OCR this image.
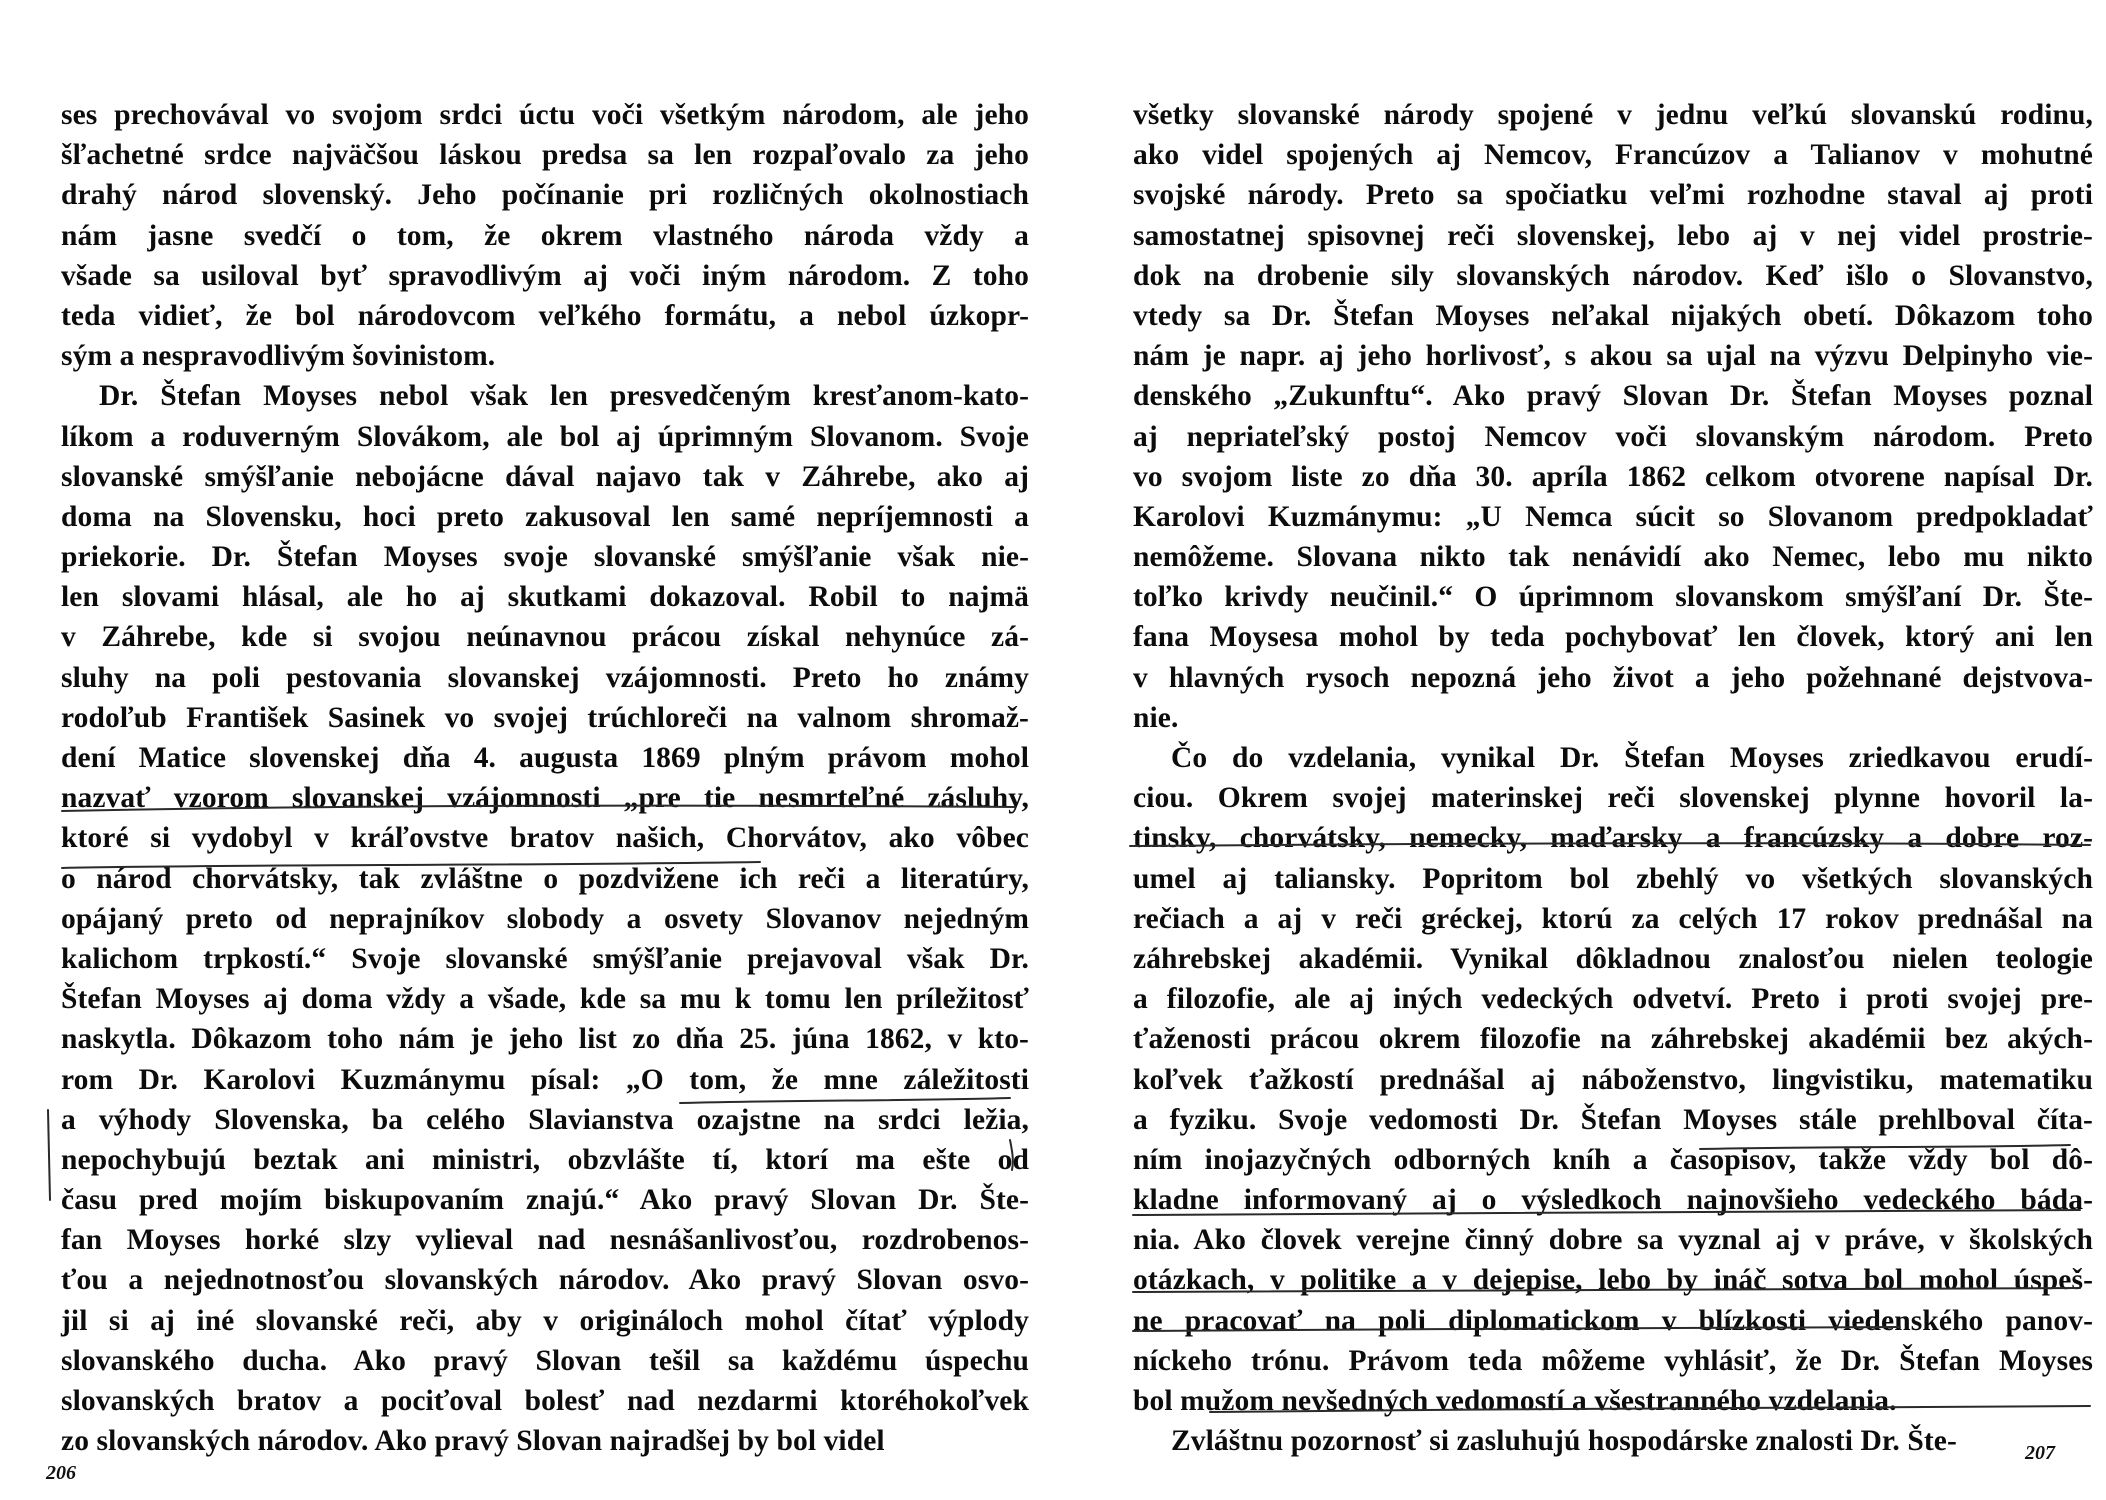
ses prechovával vo svojom srdci úctu voči všetkým národom, ale jeho
šľachetné srdce najväčšou láskou predsa sa len rozpaľovalo za jeho
drahý národ slovenský. Jeho počínanie pri rozličných okolnostiach
nám jasne svedčí o tom, že okrem vlastného národa vždy a
všade sa usiloval byť spravodlivým aj voči iným národom. Z toho
teda vidieť, že bol národovcom veľkého formátu, a nebol úzkopr-
sým a nespravodlivým šovinistom.
Dr. Štefan Moyses nebol však len presvedčeným kresťanom-kato-
líkom a roduverným Slovákom, ale bol aj úprimným Slovanom. Svoje
slovanské smýšľanie nebojácne dával najavo tak v Záhrebe, ako aj
doma na Slovensku, hoci preto zakusoval len samé nepríjemnosti a
priekorie. Dr. Štefan Moyses svoje slovanské smýšľanie však nie-
len slovami hlásal, ale ho aj skutkami dokazoval. Robil to najmä
v Záhrebe, kde si svojou neúnavnou prácou získal nehynúce zá-
sluhy na poli pestovania slovanskej vzájomnosti. Preto ho známy
rodoľub František Sasinek vo svojej trúchloreči na valnom shromaž-
dení Matice slovenskej dňa 4. augusta 1869 plným právom mohol
nazvať vzorom slovanskej vzájomnosti „pre tie nesmrteľné zásluhy,
ktoré si vydobyl v kráľovstve bratov našich, Chorvátov, ako vôbec
o národ chorvátsky, tak zvláštne o pozdvižene ich reči a literatúry,
opájaný preto od neprajníkov slobody a osvety Slovanov nejedným
kalichom trpkostí.“ Svoje slovanské smýšľanie prejavoval však Dr.
Štefan Moyses aj doma vždy a všade, kde sa mu k tomu len príležitosť
naskytla. Dôkazom toho nám je jeho list zo dňa 25. júna 1862, v kto-
rom Dr. Karolovi Kuzmánymu písal: „O tom, že mne záležitosti
a výhody Slovenska, ba celého Slavianstva ozajstne na srdci ležia,
nepochybujú beztak ani ministri, obzvlášte tí, ktorí ma ešte od
času pred mojím biskupovaním znajú.“ Ako pravý Slovan Dr. Šte-
fan Moyses horké slzy vylieval nad nesnášanlivosťou, rozdrobenos-
ťou a nejednotnosťou slovanských národov. Ako pravý Slovan osvo-
jil si aj iné slovanské reči, aby v origináloch mohol čítať výplody
slovanského ducha. Ako pravý Slovan tešil sa každému úspechu
slovanských bratov a pociťoval bolesť nad nezdarmi ktoréhokoľvek
zo slovanských národov. Ako pravý Slovan najradšej by bol videl
206
všetky slovanské národy spojené v jednu veľkú slovanskú rodinu,
ako videl spojených aj Nemcov, Francúzov a Talianov v mohutné
svojské národy. Preto sa spočiatku veľmi rozhodne staval aj proti
samostatnej spisovnej reči slovenskej, lebo aj v nej videl prostrie-
dok na drobenie sily slovanských národov. Keď išlo o Slovanstvo,
vtedy sa Dr. Štefan Moyses neľakal nijakých obetí. Dôkazom toho
nám je napr. aj jeho horlivosť, s akou sa ujal na výzvu Delpinyho vie-
denského „Zukunftu“. Ako pravý Slovan Dr. Štefan Moyses poznal
aj nepriateľský postoj Nemcov voči slovanským národom. Preto
vo svojom liste zo dňa 30. apríla 1862 celkom otvorene napísal Dr.
Karolovi Kuzmánymu: „U Nemca súcit so Slovanom predpokladať
nemôžeme. Slovana nikto tak nenávidí ako Nemec, lebo mu nikto
toľko krivdy neučinil.“ O úprimnom slovanskom smýšľaní Dr. Šte-
fana Moysesa mohol by teda pochybovať len človek, ktorý ani len
v hlavných rysoch nepozná jeho život a jeho požehnané dejstvova-
nie.
Čo do vzdelania, vynikal Dr. Štefan Moyses zriedkavou erudí-
ciou. Okrem svojej materinskej reči slovenskej plynne hovoril la-
tinsky, chorvátsky, nemecky, maďarsky a francúzsky a dobre roz-
umel aj taliansky. Popritom bol zbehlý vo všetkých slovanských
rečiach a aj v reči gréckej, ktorú za celých 17 rokov prednášal na
záhrebskej akadémii. Vynikal dôkladnou znalosťou nielen teologie
a filozofie, ale aj iných vedeckých odvetví. Preto i proti svojej pre-
ťaženosti prácou okrem filozofie na záhrebskej akadémii bez akých-
koľvek ťažkostí prednášal aj náboženstvo, lingvistiku, matematiku
a fyziku. Svoje vedomosti Dr. Štefan Moyses stále prehlboval číta-
ním inojazyčných odborných kníh a časopisov, takže vždy bol dô-
kladne informovaný aj o výsledkoch najnovšieho vedeckého báda-
nia. Ako človek verejne činný dobre sa vyznal aj v práve, v školských
otázkach, v politike a v dejepise, lebo by ináč sotva bol mohol úspeš-
ne pracovať na poli diplomatickom v blízkosti viedenského panov-
níckeho trónu. Právom teda môžeme vyhlásiť, že Dr. Štefan Moyses
bol mužom nevšedných vedomostí a všestranného vzdelania.
Zvláštnu pozornosť si zasluhujú hospodárske znalosti Dr. Šte-	207
